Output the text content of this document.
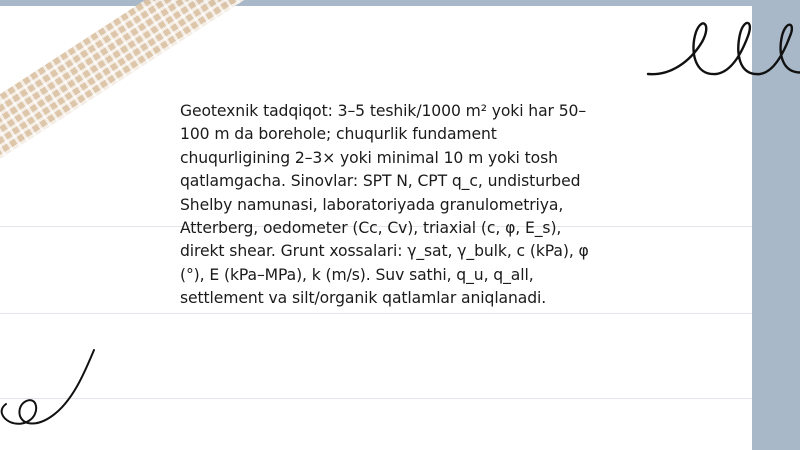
Geotexnik tadqiqot: 3–5 teshik/1000 m² yoki har 50–100 m da borehole; chuqurlik fundament chuqurligining 2–3× yoki minimal 10 m yoki tosh qatlamgacha. Sinovlar: SPT N, CPT q_c, undisturbed Shelby namunasi, laboratoriyada granulometriya, Atterberg, oedometer (Cc, Cv), triaxial (c, φ, E_s), direkt shear. Grunt xossalari: γ_sat, γ_bulk, c (kPa), φ (°), E (kPa–MPa), k (m/s). Suv sathi, q_u, q_all, settlement va silt/organik qatlamlar aniqlanadi.
